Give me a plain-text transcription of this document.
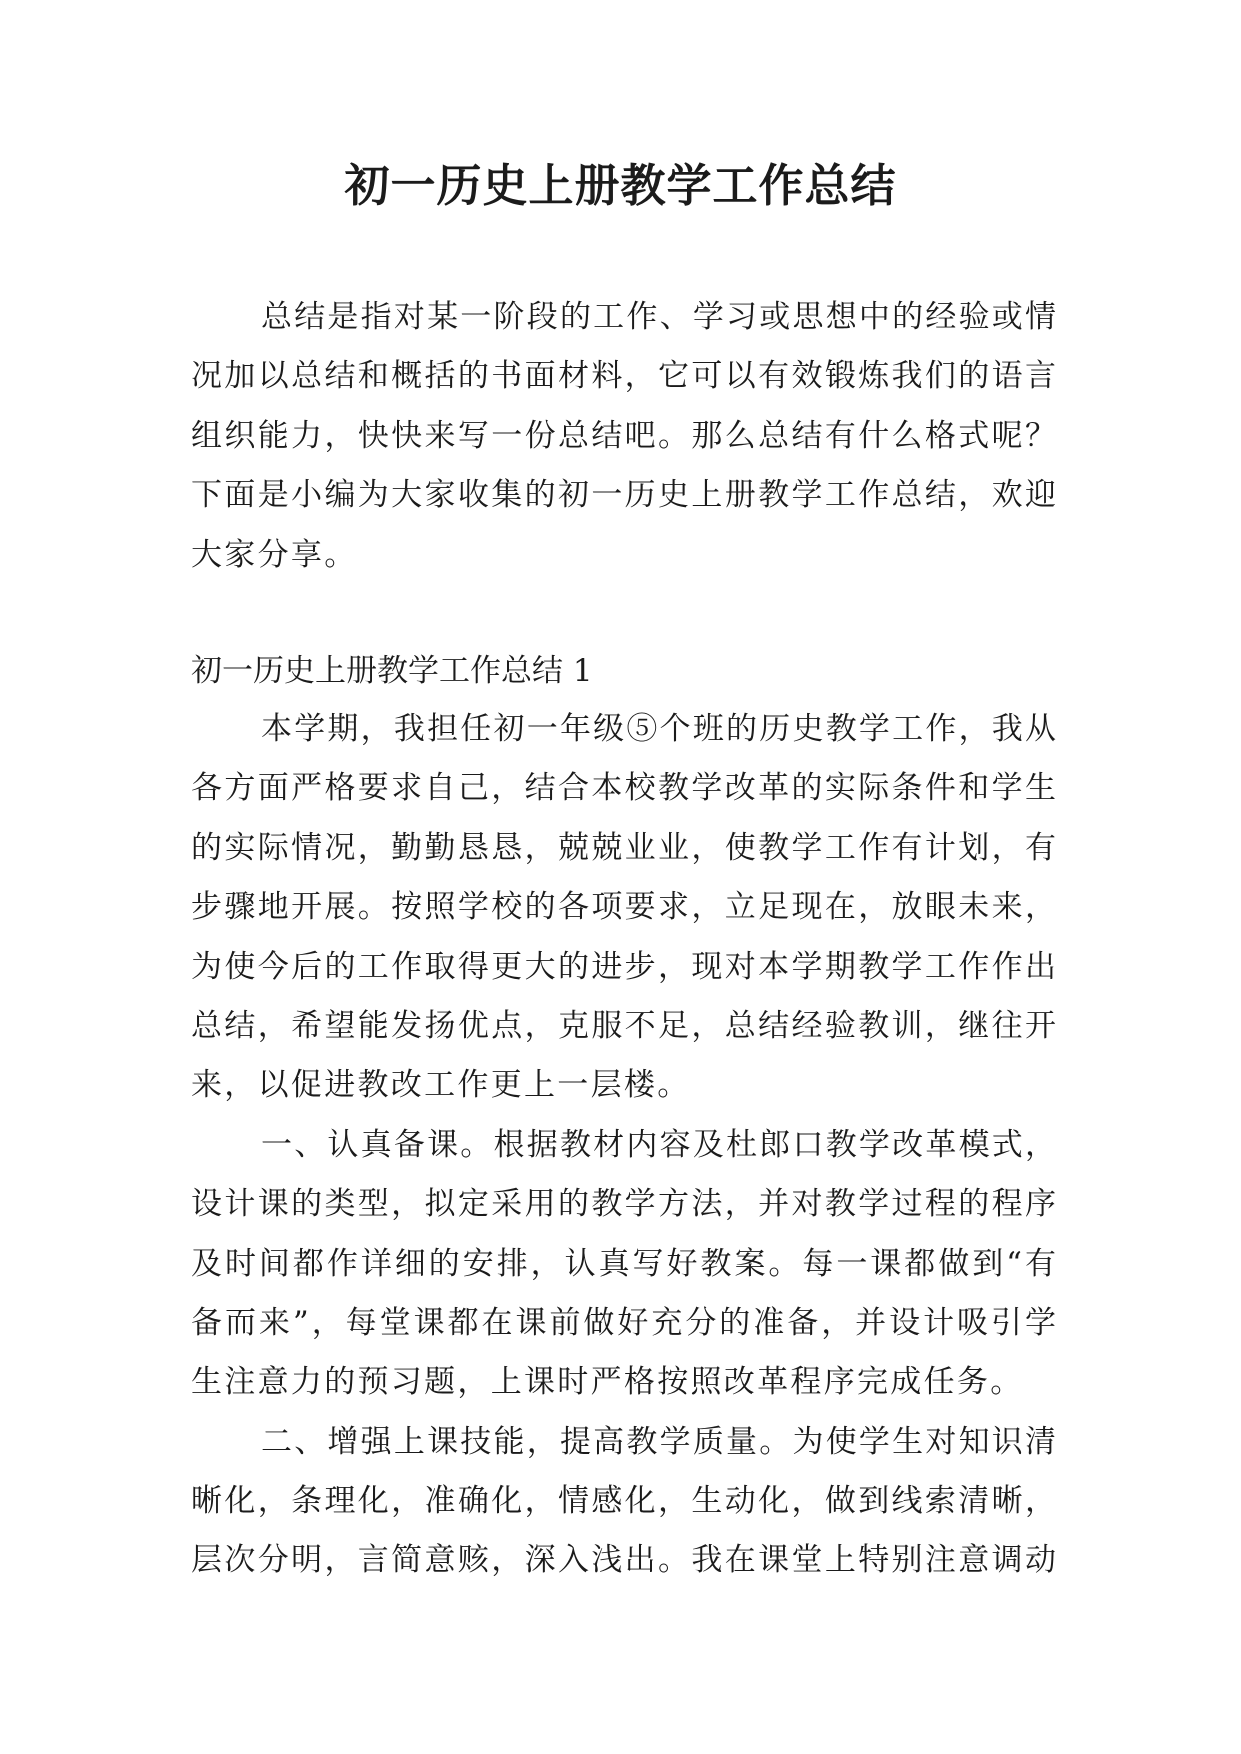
初一历史上册教学工作总结
总结是指对某一阶段的工作、学习或思想中的经验或情
况加以总结和概括的书面材料，它可以有效锻炼我们的语言
组织能力，快快来写一份总结吧。那么总结有什么格式呢？
下面是小编为大家收集的初一历史上册教学工作总结，欢迎
大家分享。
初一历史上册教学工作总结 1
本学期，我担任初一年级⑤个班的历史教学工作，我从
各方面严格要求自己，结合本校教学改革的实际条件和学生
的实际情况，勤勤恳恳，兢兢业业，使教学工作有计划，有
步骤地开展。按照学校的各项要求，立足现在，放眼未来，
为使今后的工作取得更大的进步，现对本学期教学工作作出
总结，希望能发扬优点，克服不足，总结经验教训，继往开
来，以促进教改工作更上一层楼。
一、认真备课。根据教材内容及杜郎口教学改革模式，
设计课的类型，拟定采用的教学方法，并对教学过程的程序
及时间都作详细的安排，认真写好教案。每一课都做到“有
备而来”，每堂课都在课前做好充分的准备，并设计吸引学
生注意力的预习题，上课时严格按照改革程序完成任务。
二、增强上课技能，提高教学质量。为使学生对知识清
晰化，条理化，准确化，情感化，生动化，做到线索清晰，
层次分明，言简意赅，深入浅出。我在课堂上特别注意调动
